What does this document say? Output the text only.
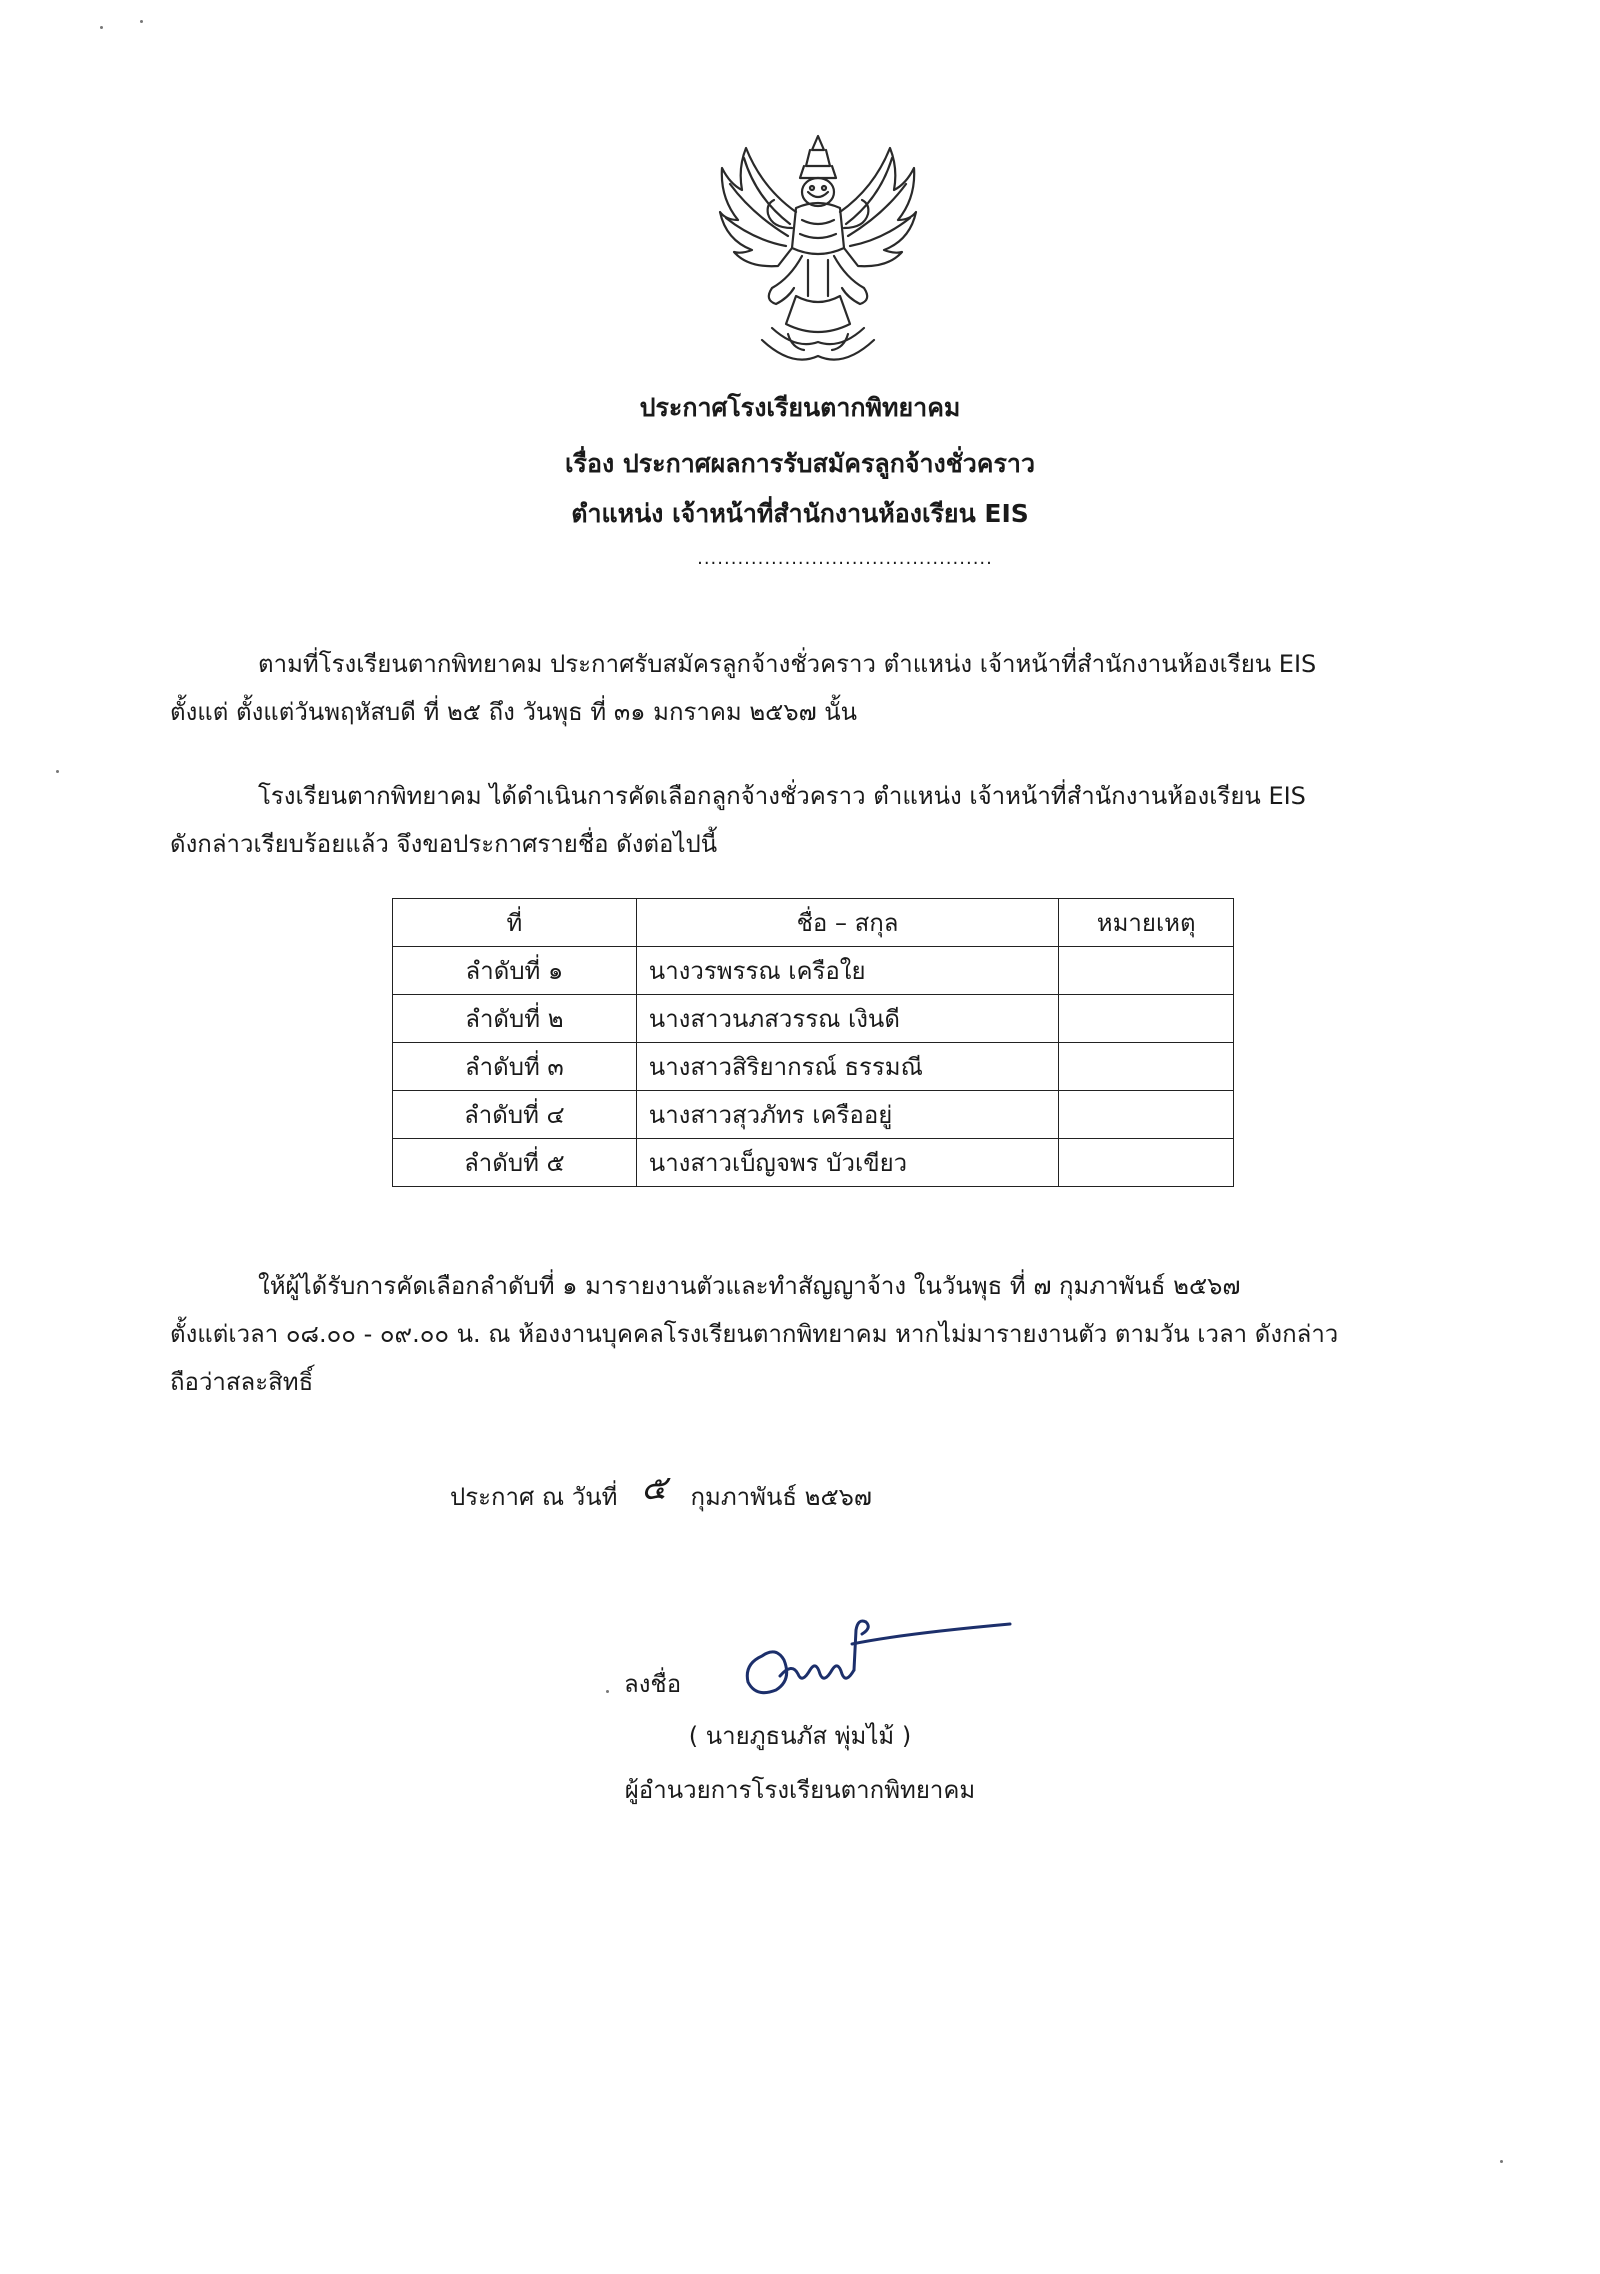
ประกาศโรงเรียนตากพิทยาคม
เรื่อง ประกาศผลการรับสมัครลูกจ้างชั่วคราว
ตำแหน่ง เจ้าหน้าที่สำนักงานห้องเรียน EIS
............................................
ตามที่โรงเรียนตากพิทยาคม ประกาศรับสมัครลูกจ้างชั่วคราว ตำแหน่ง เจ้าหน้าที่สำนักงานห้องเรียน EIS
ตั้งแต่ ตั้งแต่วันพฤหัสบดี ที่ ๒๕ ถึง วันพุธ ที่ ๓๑ มกราคม ๒๕๖๗ นั้น
โรงเรียนตากพิทยาคม ได้ดำเนินการคัดเลือกลูกจ้างชั่วคราว ตำแหน่ง เจ้าหน้าที่สำนักงานห้องเรียน EIS
ดังกล่าวเรียบร้อยแล้ว จึงขอประกาศรายชื่อ ดังต่อไปนี้
ที่	ชื่อ – สกุล	หมายเหตุ
ลำดับที่ ๑	นางวรพรรณ เครือใย	
ลำดับที่ ๒	นางสาวนภสวรรณ เงินดี	
ลำดับที่ ๓	นางสาวสิริยากรณ์ ธรรมณี	
ลำดับที่ ๔	นางสาวสุวภัทร เครืออยู่	
ลำดับที่ ๕	นางสาวเบ็ญจพร บัวเขียว	
ให้ผู้ได้รับการคัดเลือกลำดับที่ ๑ มารายงานตัวและทำสัญญาจ้าง ในวันพุธ ที่ ๗ กุมภาพันธ์ ๒๕๖๗
ตั้งแต่เวลา ๐๘.๐๐ - ๐๙.๐๐ น. ณ ห้องงานบุคคลโรงเรียนตากพิทยาคม หากไม่มารายงานตัว ตามวัน เวลา ดังกล่าว
ถือว่าสละสิทธิ์
ประกาศ ณ วันที่ ๕ กุมภาพันธ์ ๒๕๖๗
ลงชื่อ
( นายภูธนภัส พุ่มไม้ )
ผู้อำนวยการโรงเรียนตากพิทยาคม
